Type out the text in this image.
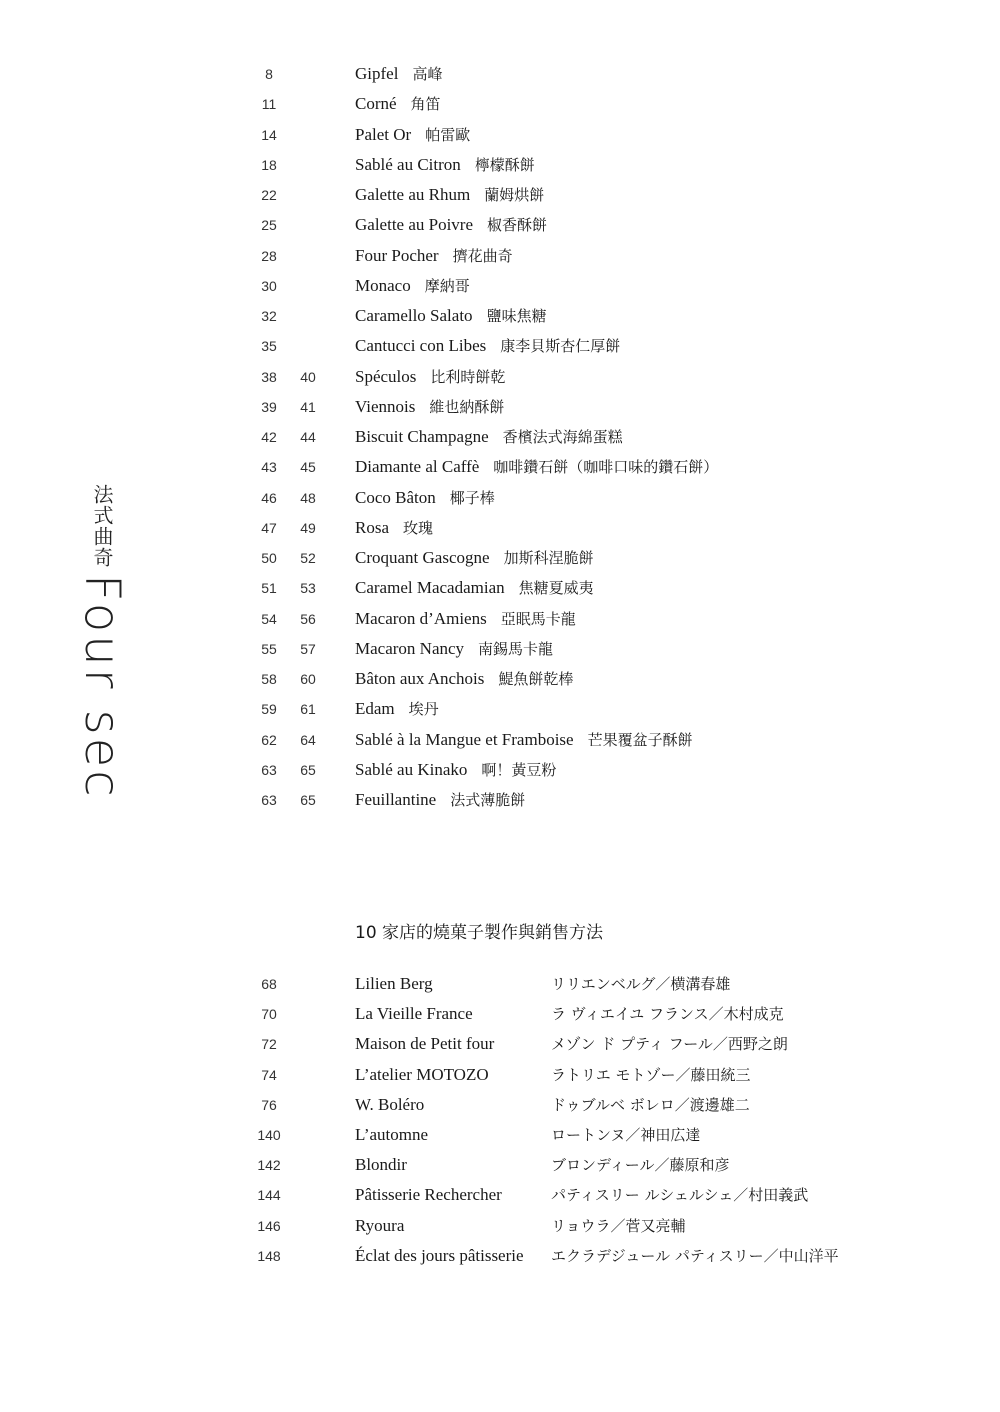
法式曲奇
Four sec
8	Gipfel 高峰
11	Corné 角笛
14	Palet Or 帕雷歐
18	Sablé au Citron 檸檬酥餅
22	Galette au Rhum 蘭姆烘餅
25	Galette au Poivre 椒香酥餅
28	Four Pocher 擠花曲奇
30	Monaco 摩納哥
32	Caramello Salato 鹽味焦糖
35	Cantucci con Libes 康李貝斯杏仁厚餅
38	40	Spéculos 比利時餅乾
39	41	Viennois 維也納酥餅
42	44	Biscuit Champagne 香檳法式海綿蛋糕
43	45	Diamante al Caffè 咖啡鑽石餅（咖啡口味的鑽石餅）
46	48	Coco Bâton 椰子棒
47	49	Rosa 玫瑰
50	52	Croquant Gascogne 加斯科涅脆餅
51	53	Caramel Macadamian 焦糖夏威夷
54	56	Macaron d’Amiens 亞眠馬卡龍
55	57	Macaron Nancy 南錫馬卡龍
58	60	Bâton aux Anchois 鯷魚餅乾棒
59	61	Edam 埃丹
62	64	Sablé à la Mangue et Framboise 芒果覆盆子酥餅
63	65	Sablé au Kinako 啊！黃豆粉
63	65	Feuillantine 法式薄脆餅
10 家店的燒菓子製作與銷售方法
68	Lilien Berg	リリエンベルグ／横溝春雄
70	La Vieille France	ラ ヴィエイユ フランス／木村成克
72	Maison de Petit four	メゾン ド プティ フール／西野之朗
74	L’atelier MOTOZO	ラトリエ モトゾー／藤田統三
76	W. Boléro	ドゥブルベ ボレロ／渡邊雄二
140	L’automne	ロートンヌ／神田広達
142	Blondir	ブロンディール／藤原和彦
144	Pâtisserie Rechercher	パティスリー ルシェルシェ／村田義武
146	Ryoura	リョウラ／菅又亮輔
148	Éclat des jours pâtisserie エクラデジュール パティスリー／中山洋平
